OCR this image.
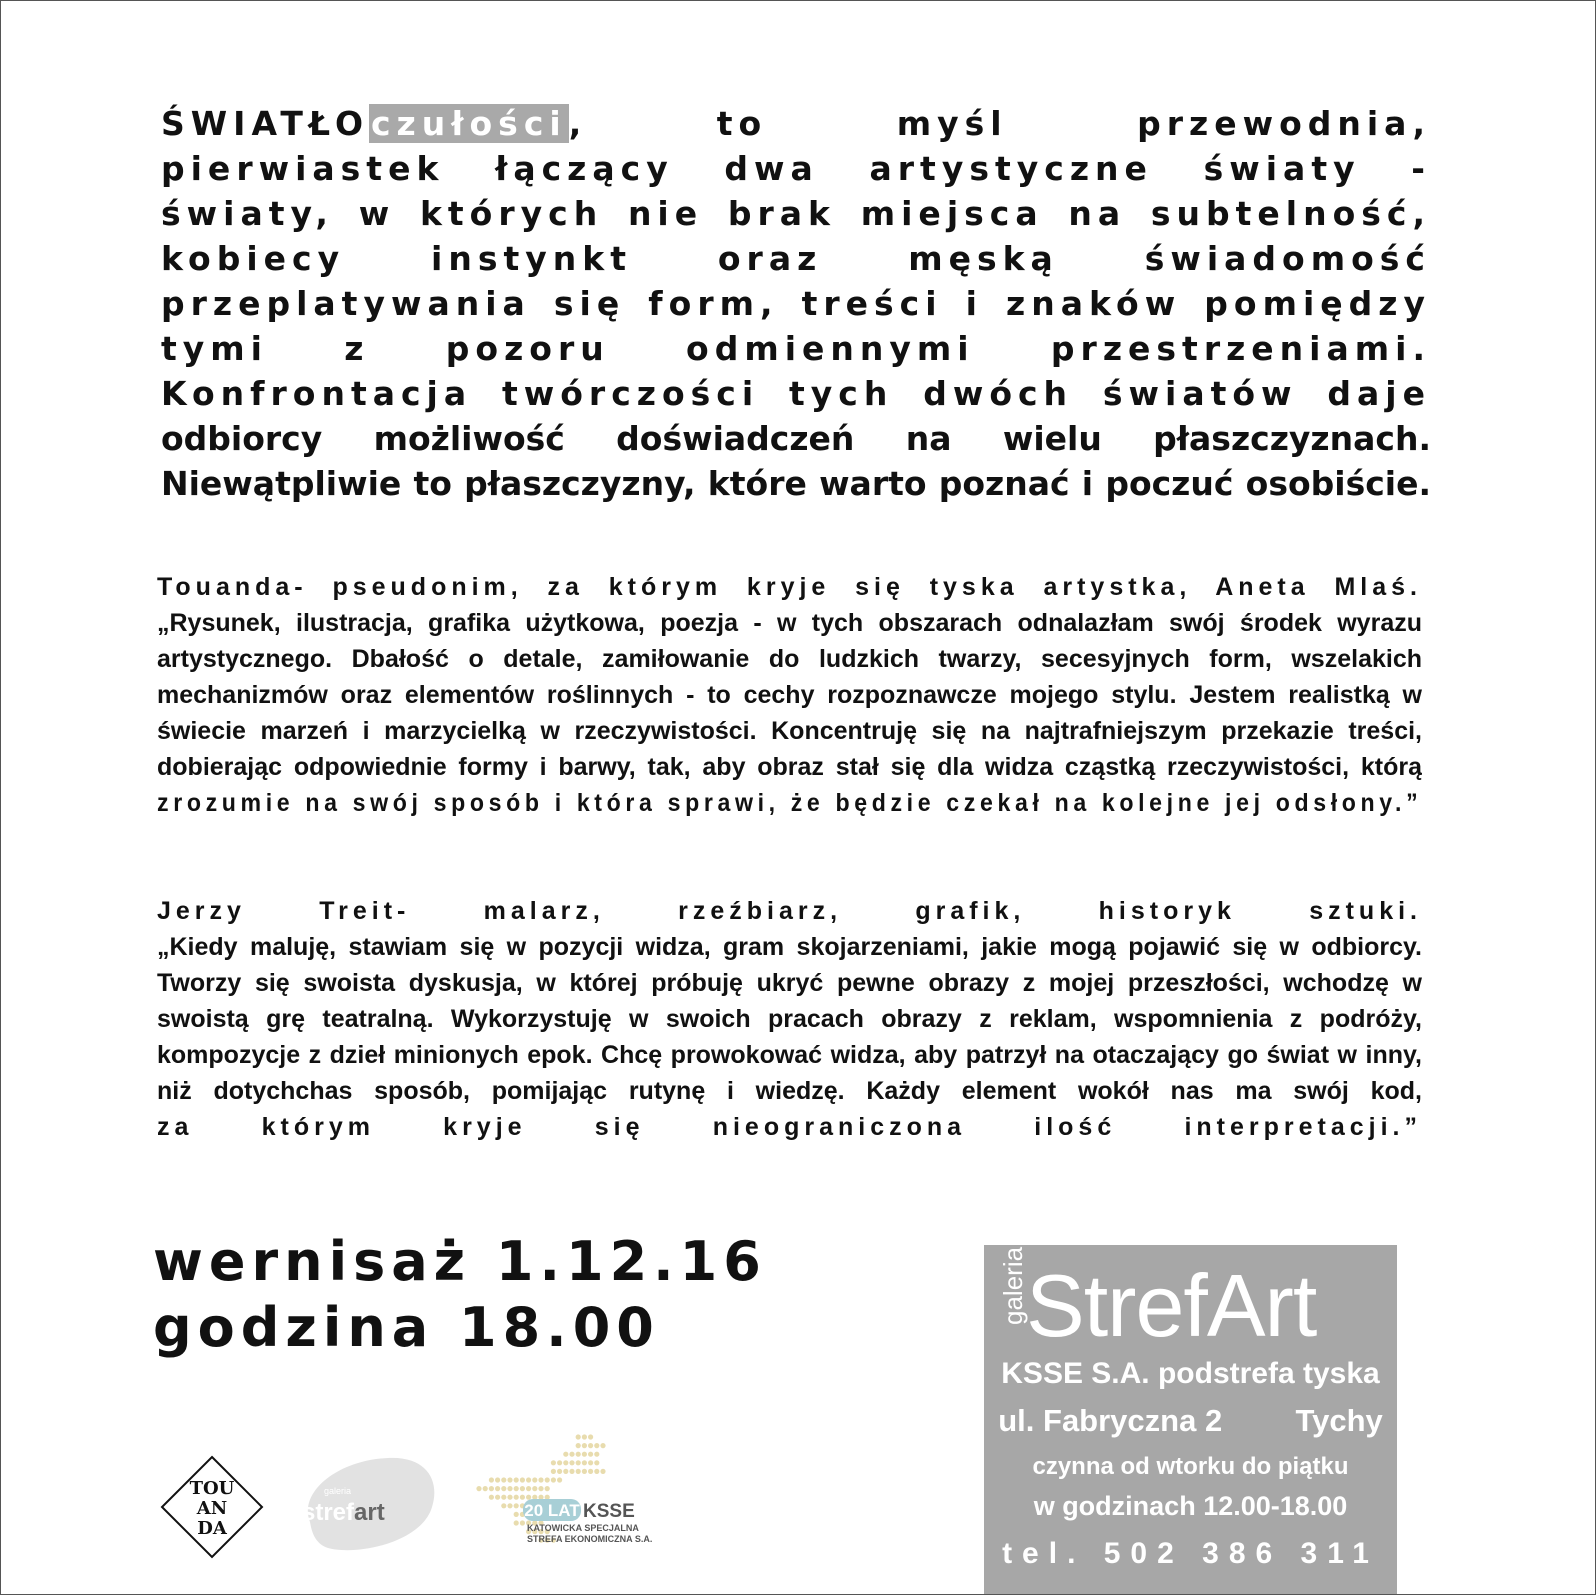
ŚWIATŁOczułości, to myśl przewodnia,
pierwiastek łączący dwa artystyczne światy -
światy, w których nie brak miejsca na subtelność,
kobiecy instynkt oraz męską świadomość
przeplatywania się form, treści i znaków pomiędzy
tymi z pozoru odmiennymi przestrzeniami.
Konfrontacja twórczości tych dwóch światów daje
odbiorcy możliwość doświadczeń na wielu płaszczyznach.
Niewątpliwie to płaszczyzny, które warto poznać i poczuć osobiście.
Touanda- pseudonim, za którym kryje się tyska artystka, Aneta Mlaś.
„Rysunek, ilustracja, grafika użytkowa, poezja - w tych obszarach odnalazłam swój środek wyrazu
artystycznego. Dbałość o detale, zamiłowanie do ludzkich twarzy, secesyjnych form, wszelakich
mechanizmów oraz elementów roślinnych - to cechy rozpoznawcze mojego stylu. Jestem realistką w
świecie marzeń i marzycielką w rzeczywistości. Koncentruję się na najtrafniejszym przekazie treści,
dobierając odpowiednie formy i barwy, tak, aby obraz stał się dla widza cząstką rzeczywistości, którą
zrozumie na swój sposób i która sprawi, że będzie czekał na kolejne jej odsłony.”
Jerzy Treit- malarz, rzeźbiarz, grafik, historyk sztuki.
„Kiedy maluję, stawiam się w pozycji widza, gram skojarzeniami, jakie mogą pojawić się w odbiorcy.
Tworzy się swoista dyskusja, w której próbuję ukryć pewne obrazy z mojej przeszłości, wchodzę w
swoistą grę teatralną. Wykorzystuję w swoich pracach obrazy z reklam, wspomnienia z podróży,
kompozycje z dzieł minionych epok. Chcę prowokować widza, aby patrzył na otaczający go świat w inny,
niż dotychchas sposób, pomijając rutynę i wiedzę. Każdy element wokół nas ma swój kod,
za którym kryje się nieograniczona ilość interpretacji.”
wernisaż 1.12.16
godzina 18.00
galeria
StrefArt
KSSE S.A. podstrefa tyska
ul. Fabryczna 2 Tychy
czynna od wtorku do piątku
w godzinach 12.00-18.00
tel. 502 386 311
TOU
AN
DA
galeria
strefart	20 LAT KSSE
KATOWICKA SPECJALNA
STREFA EKONOMICZNA S.A.
